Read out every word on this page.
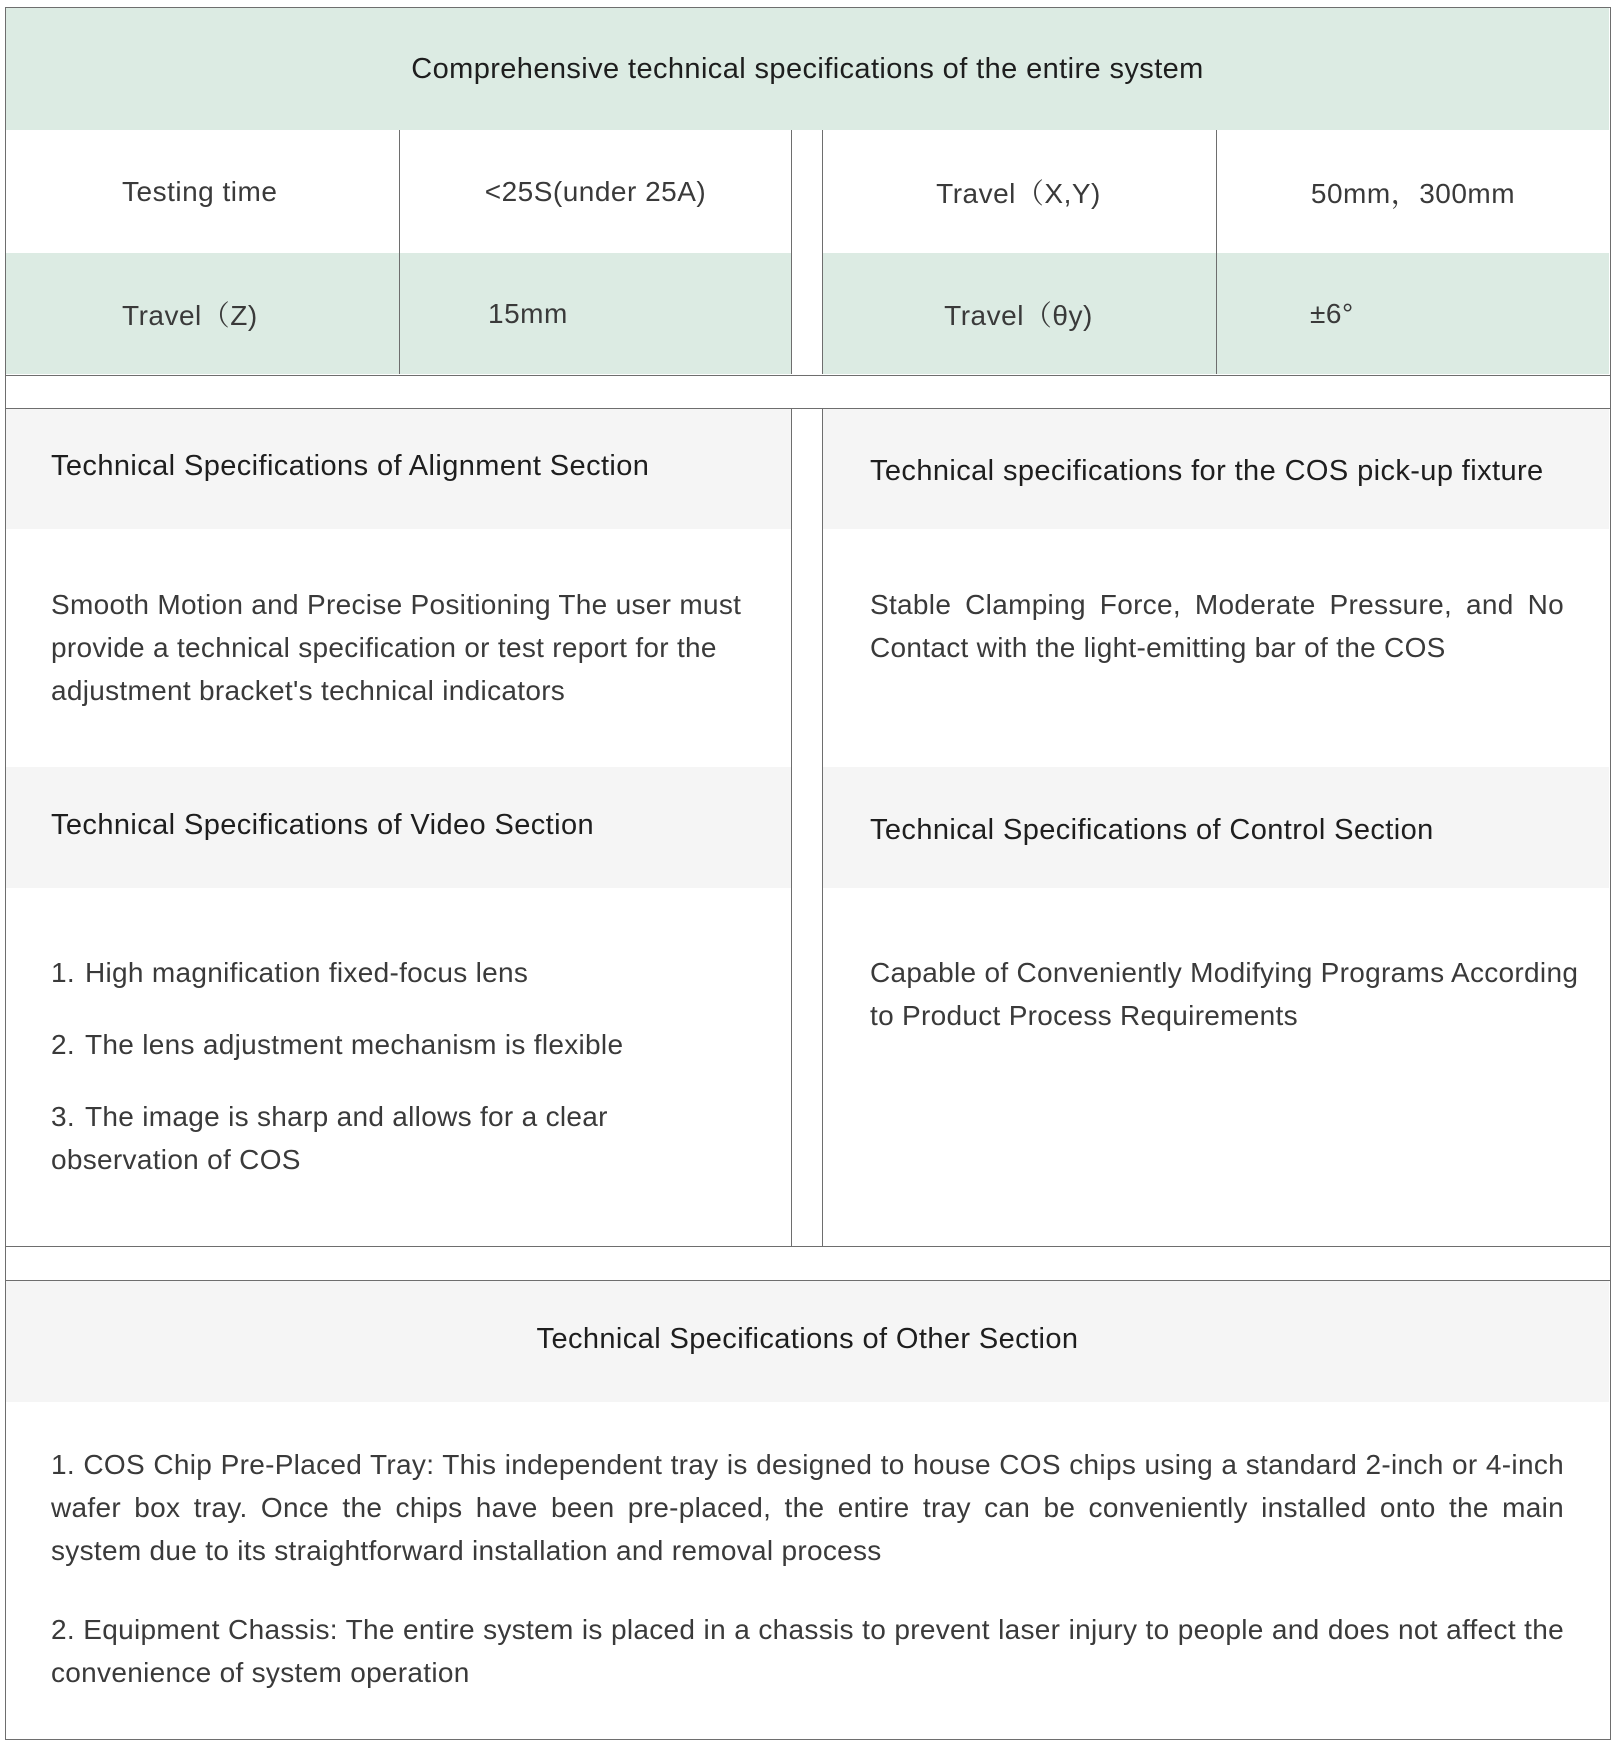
Comprehensive technical specifications of the entire system
Testing time	<25S(under 25A)	Travel（X,Y)	50mm，300mm
Travel（Z)	15mm	Travel（θy)	±6°
Technical Specifications of Alignment Section	Technical specifications for the COS pick-up fixture
Technical Specifications of Video Section	Technical Specifications of Control Section
Smooth Motion and Precise Positioning The user must provide a technical specification or test report for the adjustment bracket's technical indicators
Stable Clamping Force, Moderate Pressure, and No Contact with the light-emitting bar of the COS
1. High magnification fixed-focus lens
2. The lens adjustment mechanism is flexible
3. The image is sharp and allows for a clear observation of COS
Capable of Conveniently Modifying Programs According to Product Process Requirements
Technical Specifications of Other Section
1. COS Chip Pre-Placed Tray: This independent tray is designed to house COS chips using a standard 2-inch or 4-inch wafer box tray. Once the chips have been pre-placed, the entire tray can be conveniently installed onto the main system due to its straightforward installation and removal process
2. Equipment Chassis: The entire system is placed in a chassis to prevent laser injury to people and does not affect the convenience of system operation
